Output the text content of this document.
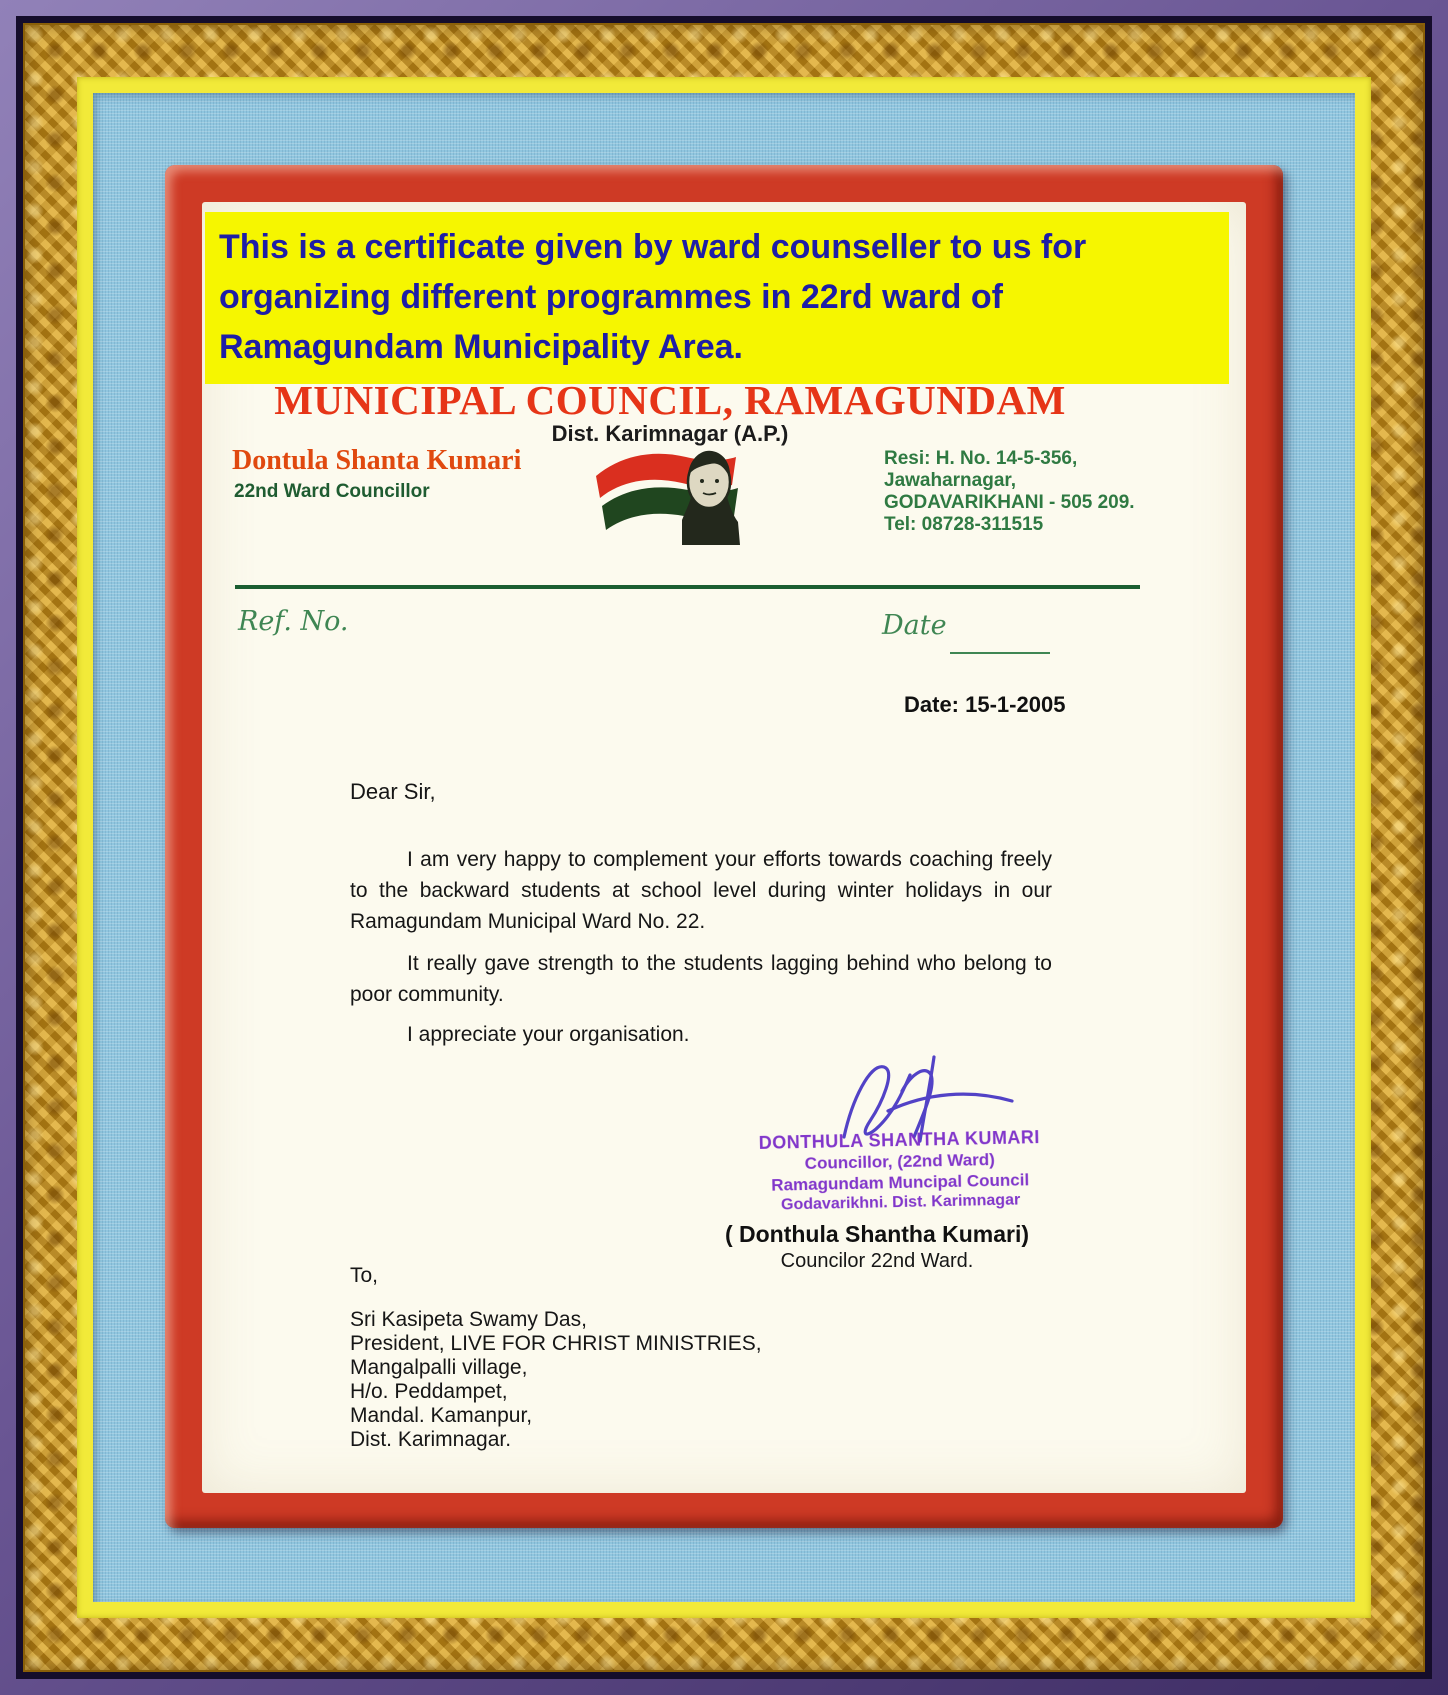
This is a certificate given by ward counseller to us for
organizing different programmes in 22rd ward of
Ramagundam Municipality Area.
MUNICIPAL COUNCIL, RAMAGUNDAM
Dist. Karimnagar (A.P.)
Dontula Shanta Kumari
22nd Ward Councillor
Resi: H. No. 14-5-356,
Jawaharnagar,
GODAVARIKHANI - 505 209.
Tel: 08728-311515
Ref. No.	Date
Date: 15-1-2005
Dear Sir,
I am very happy to complement your efforts towards coaching freely to the backward students at school level during winter holidays in our Ramagundam Municipal Ward No. 22.
It really gave strength to the students lagging behind who belong to poor community.
I appreciate your organisation.
DONTHULA SHANTHA KUMARI
Councillor, (22nd Ward)
Ramagundam Muncipal Council
Godavarikhni. Dist. Karimnagar
( Donthula Shantha Kumari)
Councilor 22nd Ward.
To,
Sri Kasipeta Swamy Das,
President, LIVE FOR CHRIST MINISTRIES,
Mangalpalli village,
H/o. Peddampet,
Mandal. Kamanpur,
Dist. Karimnagar.
